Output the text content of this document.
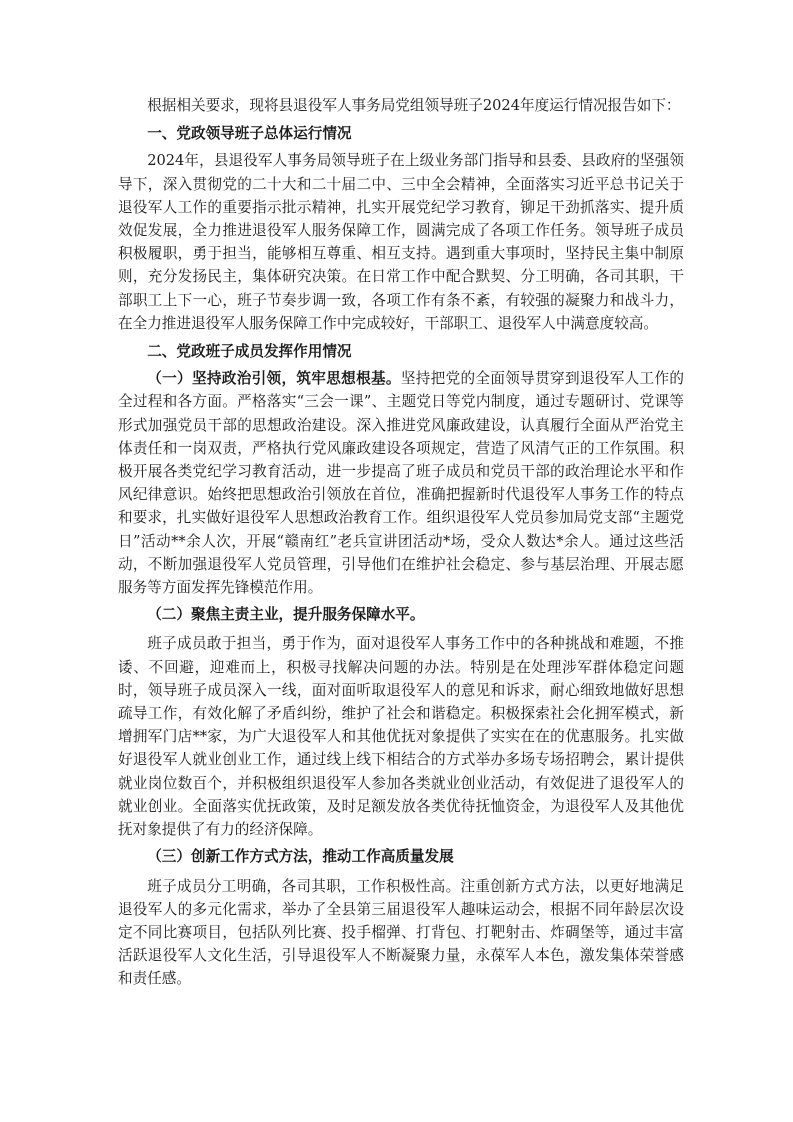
根据相关要求，现将县退役军人事务局党组领导班子2024年度运行情况报告如下：

一、党政领导班子总体运行情况

2024年，县退役军人事务局领导班子在上级业务部门指导和县委、县政府的坚强领导下，深入贯彻党的二十大和二十届二中、三中全会精神，全面落实习近平总书记关于退役军人工作的重要指示批示精神，扎实开展党纪学习教育，铆足干劲抓落实、提升质效促发展，全力推进退役军人服务保障工作，圆满完成了各项工作任务。领导班子成员积极履职，勇于担当，能够相互尊重、相互支持。遇到重大事项时，坚持民主集中制原则，充分发扬民主，集体研究决策。在日常工作中配合默契、分工明确，各司其职，干部职工上下一心，班子节奏步调一致，各项工作有条不紊，有较强的凝聚力和战斗力，在全力推进退役军人服务保障工作中完成较好，干部职工、退役军人中满意度较高。

二、党政班子成员发挥作用情况

（一）坚持政治引领，筑牢思想根基。坚持把党的全面领导贯穿到退役军人工作的全过程和各方面。严格落实“三会一课”、主题党日等党内制度，通过专题研讨、党课等形式加强党员干部的思想政治建设。深入推进党风廉政建设，认真履行全面从严治党主体责任和一岗双责，严格执行党风廉政建设各项规定，营造了风清气正的工作氛围。积极开展各类党纪学习教育活动，进一步提高了班子成员和党员干部的政治理论水平和作风纪律意识。始终把思想政治引领放在首位，准确把握新时代退役军人事务工作的特点和要求，扎实做好退役军人思想政治教育工作。组织退役军人党员参加局党支部“主题党日”活动**余人次，开展“赣南红”老兵宣讲团活动*场，受众人数达*余人。通过这些活动，不断加强退役军人党员管理，引导他们在维护社会稳定、参与基层治理、开展志愿服务等方面发挥先锋模范作用。

（二）聚焦主责主业，提升服务保障水平。

班子成员敢于担当，勇于作为，面对退役军人事务工作中的各种挑战和难题，不推诿、不回避，迎难而上，积极寻找解决问题的办法。特别是在处理涉军群体稳定问题时，领导班子成员深入一线，面对面听取退役军人的意见和诉求，耐心细致地做好思想疏导工作，有效化解了矛盾纠纷，维护了社会和谐稳定。积极探索社会化拥军模式，新增拥军门店**家，为广大退役军人和其他优抚对象提供了实实在在的优惠服务。扎实做好退役军人就业创业工作，通过线上线下相结合的方式举办多场专场招聘会，累计提供就业岗位数百个，并积极组织退役军人参加各类就业创业活动，有效促进了退役军人的就业创业。全面落实优抚政策，及时足额发放各类优待抚恤资金，为退役军人及其他优抚对象提供了有力的经济保障。

（三）创新工作方式方法，推动工作高质量发展

班子成员分工明确，各司其职，工作积极性高。注重创新方式方法，以更好地满足退役军人的多元化需求，举办了全县第三届退役军人趣味运动会，根据不同年龄层次设定不同比赛项目，包括队列比赛、投手榴弹、打背包、打靶射击、炸碉堡等，通过丰富活跃退役军人文化生活，引导退役军人不断凝聚力量，永葆军人本色，激发集体荣誉感和责任感。
